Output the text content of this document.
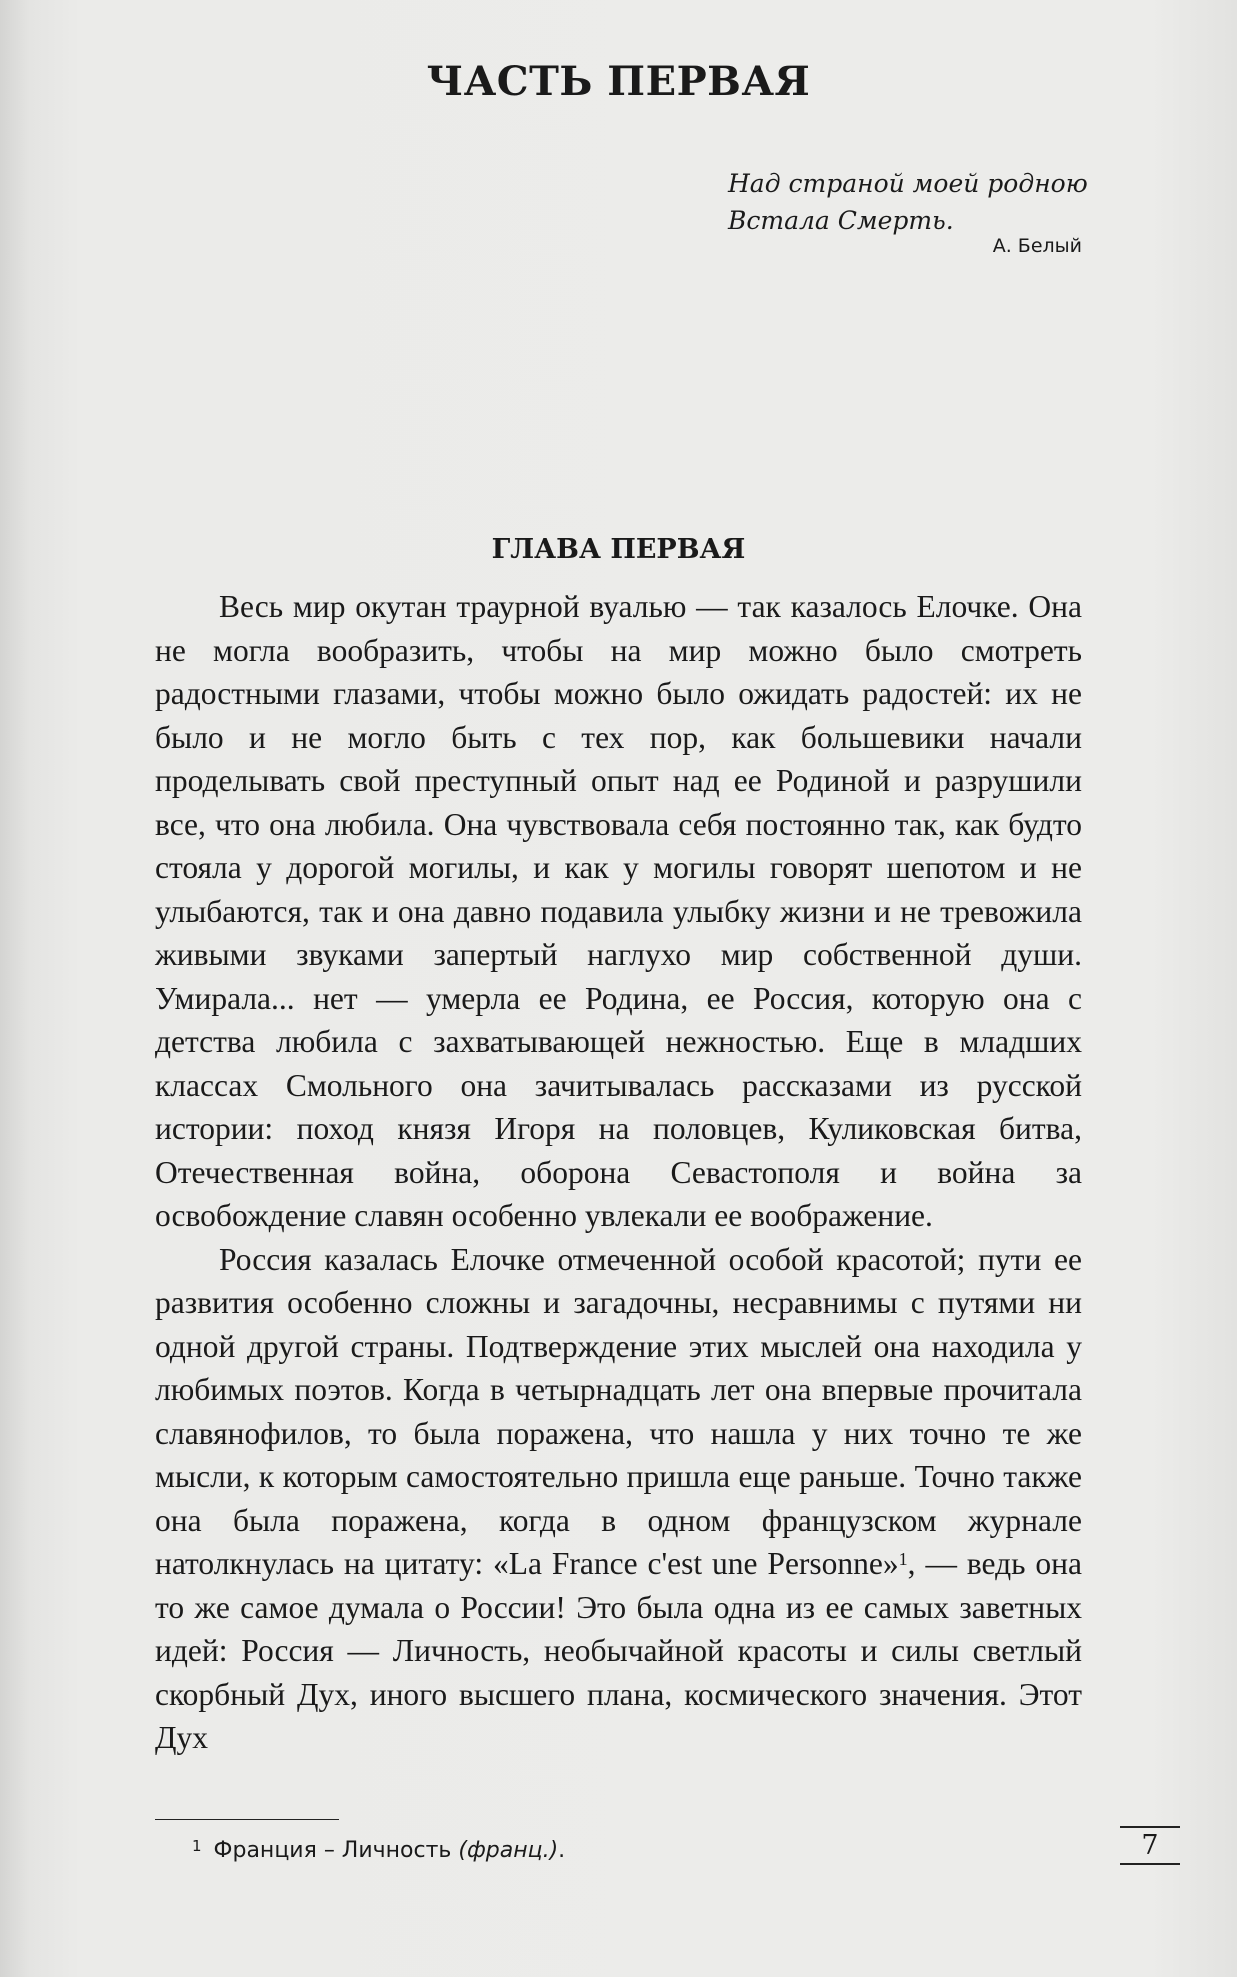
ЧАСТЬ ПЕРВАЯ
Над страной моей родною
Встала Смерть.
А. Белый
ГЛАВА ПЕРВАЯ

Весь мир окутан траурной вуалью — так казалось Елочке. Она не могла вообразить, чтобы на мир можно было смотреть радостными глазами, чтобы можно было ожидать радостей: их не было и не могло быть с тех пор, как большевики начали проделывать свой преступный опыт над ее Родиной и разрушили все, что она любила. Она чувствовала себя постоянно так, как будто стояла у дорогой могилы, и как у могилы говорят шепотом и не улыбаются, так и она давно подавила улыбку жизни и не тревожила живыми звуками запертый наглухо мир собственной души. Умирала... нет — умерла ее Родина, ее Россия, которую она с детства любила с захватывающей нежностью. Еще в младших классах Смольного она зачитывалась рассказами из русской истории: поход князя Игоря на половцев, Куликовская битва, Отечественная война, оборона Севастополя и война за освобождение славян особенно увлекали ее воображение.

Россия казалась Елочке отмеченной особой красотой; пути ее развития особенно сложны и загадочны, несравнимы с путями ни одной другой страны. Подтверждение этих мыслей она находила у любимых поэтов. Когда в четырнадцать лет она впервые прочитала славянофилов, то была поражена, что нашла у них точно те же мысли, к которым самостоятельно пришла еще раньше. Точно также она была поражена, когда в одном французском журнале натолкнулась на цитату: «La France c'est une Personne»$^1$, — ведь она то же самое думала о России! Это была одна из ее самых заветных идей: Россия — Личность, необычайной красоты и силы светлый скорбный Дух, иного высшего плана, космического значения. Этот Дух

$^1$ Франция – Личность (франц.).	7
